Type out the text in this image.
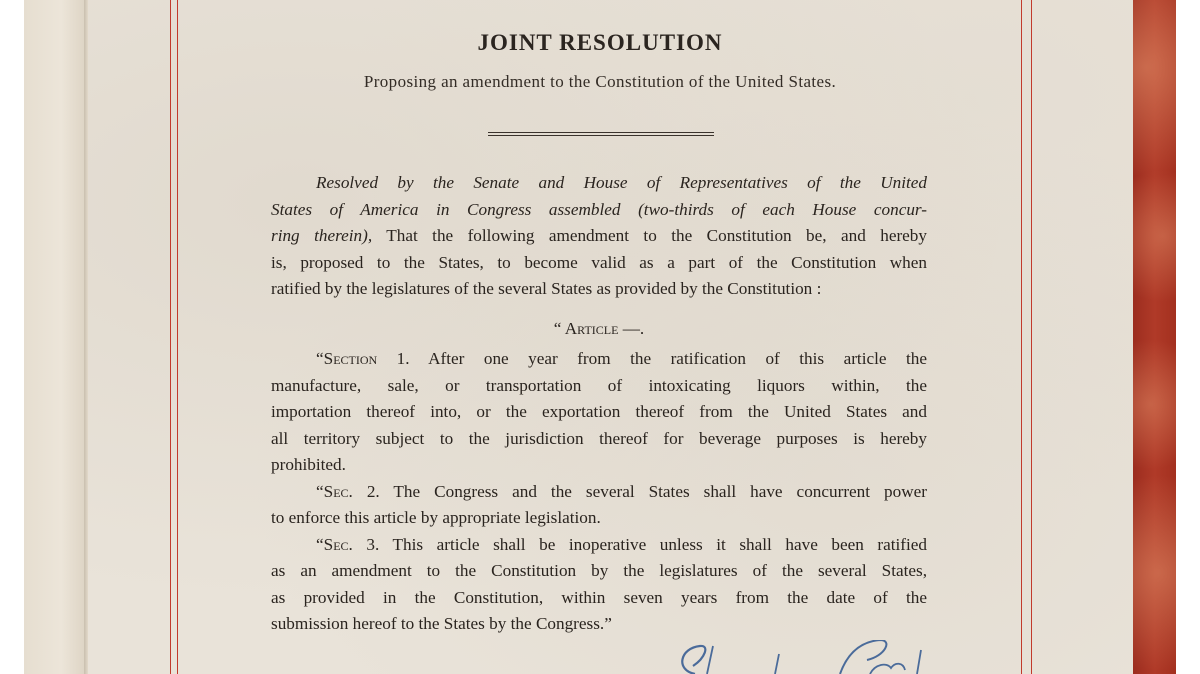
JOINT RESOLUTION
Proposing an amendment to the Constitution of the United States.
Resolved by the Senate and House of Representatives of the United
States of America in Congress assembled (two-thirds of each House concur-
ring therein), That the following amendment to the Constitution be, and hereby
is, proposed to the States, to become valid as a part of the Constitution when
ratified by the legislatures of the several States as provided by the Constitution :
“ Article —.
“Section 1. After one year from the ratification of this article the
manufacture, sale, or transportation of intoxicating liquors within, the
importation thereof into, or the exportation thereof from the United States and
all territory subject to the jurisdiction thereof for beverage purposes is hereby
prohibited.
“Sec. 2. The Congress and the several States shall have concurrent power
to enforce this article by appropriate legislation.
“Sec. 3. This article shall be inoperative unless it shall have been ratified
as an amendment to the Constitution by the legislatures of the several States,
as provided in the Constitution, within seven years from the date of the
submission hereof to the States by the Congress.”
